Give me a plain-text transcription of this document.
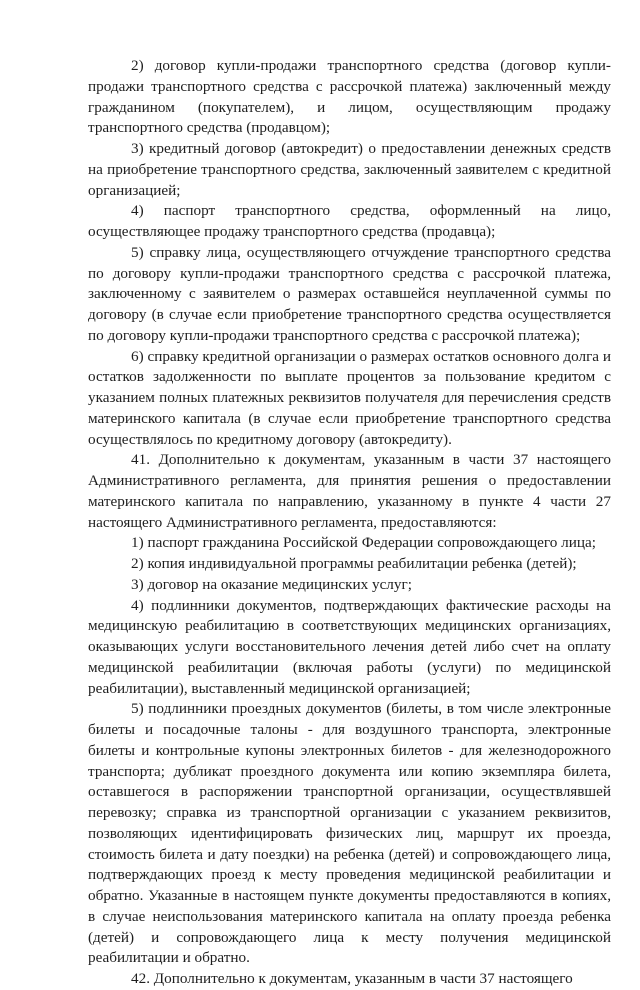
2) договор купли-продажи транспортного средства (договор купли-продажи транспортного средства с рассрочкой платежа) заключенный между гражданином (покупателем), и лицом, осуществляющим продажу транспортного средства (продавцом);

3) кредитный договор (автокредит) о предоставлении денежных средств на приобретение транспортного средства, заключенный заявителем с кредитной организацией;

4) паспорт транспортного средства, оформленный на лицо, осуществляющее продажу транспортного средства (продавца);

5) справку лица, осуществляющего отчуждение транспортного средства по договору купли-продажи транспортного средства с рассрочкой платежа, заключенному с заявителем о размерах оставшейся неуплаченной суммы по договору (в случае если приобретение транспортного средства осуществляется по договору купли-продажи транспортного средства с рассрочкой платежа);

6) справку кредитной организации о размерах остатков основного долга и остатков задолженности по выплате процентов за пользование кредитом с указанием полных платежных реквизитов получателя для перечисления средств материнского капитала (в случае если приобретение транспортного средства осуществлялось по кредитному договору (автокредиту).

41. Дополнительно к документам, указанным в части 37 настоящего Административного регламента, для принятия решения о предоставлении материнского капитала по направлению, указанному в пункте 4 части 27 настоящего Административного регламента, предоставляются:

1) паспорт гражданина Российской Федерации сопровождающего лица;

2) копия индивидуальной программы реабилитации ребенка (детей);

3) договор на оказание медицинских услуг;

4) подлинники документов, подтверждающих фактические расходы на медицинскую реабилитацию в соответствующих медицинских организациях, оказывающих услуги восстановительного лечения детей либо счет на оплату медицинской реабилитации (включая работы (услуги) по медицинской реабилитации), выставленный медицинской организацией;

5) подлинники проездных документов (билеты, в том числе электронные билеты и посадочные талоны - для воздушного транспорта, электронные билеты и контрольные купоны электронных билетов - для железнодорожного транспорта; дубликат проездного документа или копию экземпляра билета, оставшегося в распоряжении транспортной организации, осуществлявшей перевозку; справка из транспортной организации с указанием реквизитов, позволяющих идентифицировать физических лиц, маршрут их проезда, стоимость билета и дату поездки) на ребенка (детей) и сопровождающего лица, подтверждающих проезд к месту проведения медицинской реабилитации и обратно. Указанные в настоящем пункте документы предоставляются в копиях, в случае неиспользования материнского капитала на оплату проезда ребенка (детей) и сопровождающего лица к месту получения медицинской реабилитации и обратно.

42. Дополнительно к документам, указанным в части 37 настоящего
